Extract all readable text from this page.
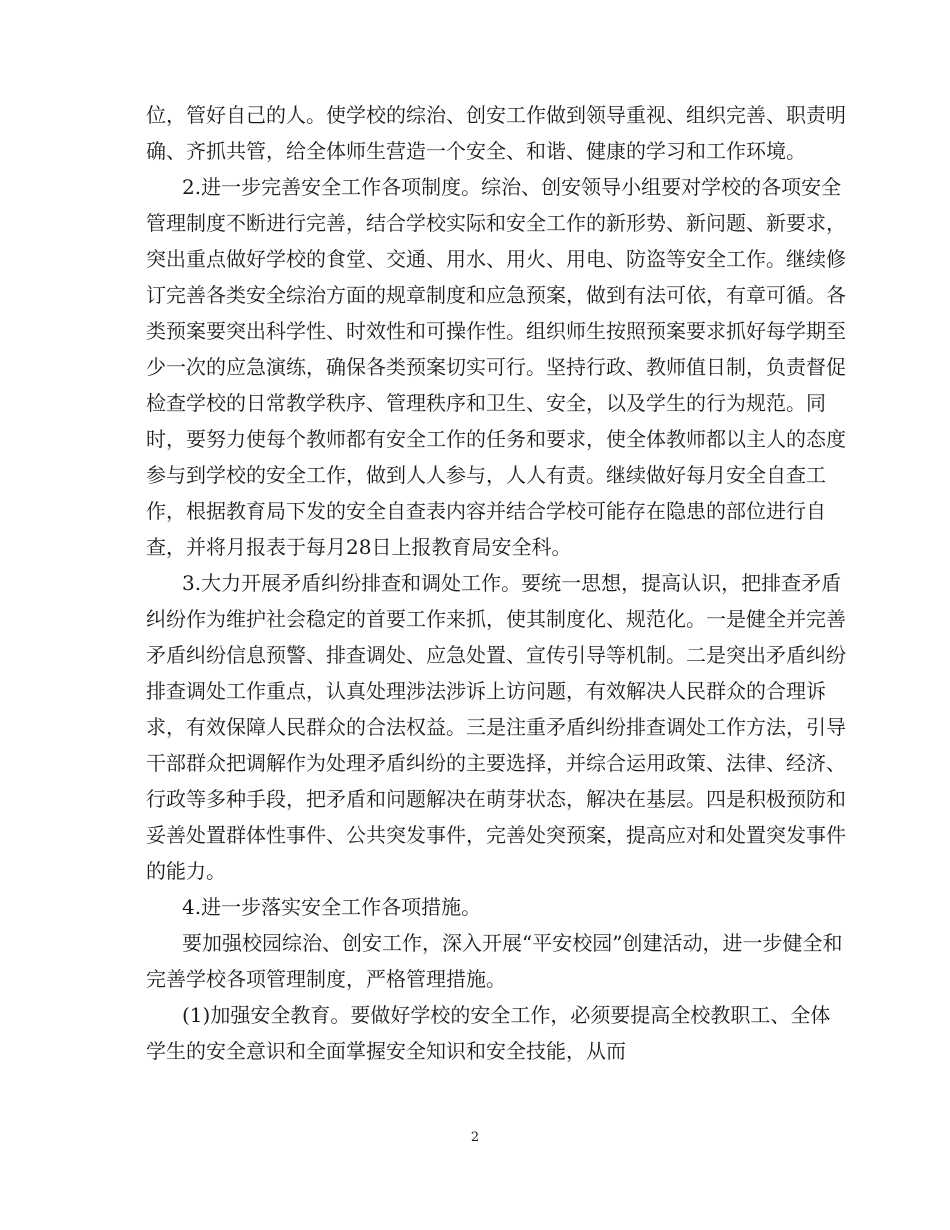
位，管好自己的人。使学校的综治、创安工作做到领导重视、组织完善、职责明
确、齐抓共管，给全体师生营造一个安全、和谐、健康的学习和工作环境。
2.进一步完善安全工作各项制度。综治、创安领导小组要对学校的各项安全
管理制度不断进行完善，结合学校实际和安全工作的新形势、新问题、新要求，
突出重点做好学校的食堂、交通、用水、用火、用电、防盗等安全工作。继续修
订完善各类安全综治方面的规章制度和应急预案，做到有法可依，有章可循。各
类预案要突出科学性、时效性和可操作性。组织师生按照预案要求抓好每学期至
少一次的应急演练，确保各类预案切实可行。坚持行政、教师值日制，负责督促
检查学校的日常教学秩序、管理秩序和卫生、安全，以及学生的行为规范。同
时，要努力使每个教师都有安全工作的任务和要求，使全体教师都以主人的态度
参与到学校的安全工作，做到人人参与，人人有责。继续做好每月安全自查工
作，根据教育局下发的安全自查表内容并结合学校可能存在隐患的部位进行自
查，并将月报表于每月28日上报教育局安全科。
3.大力开展矛盾纠纷排查和调处工作。要统一思想，提高认识，把排查矛盾
纠纷作为维护社会稳定的首要工作来抓，使其制度化、规范化。一是健全并完善
矛盾纠纷信息预警、排查调处、应急处置、宣传引导等机制。二是突出矛盾纠纷
排查调处工作重点，认真处理涉法涉诉上访问题，有效解决人民群众的合理诉
求，有效保障人民群众的合法权益。三是注重矛盾纠纷排查调处工作方法，引导
干部群众把调解作为处理矛盾纠纷的主要选择，并综合运用政策、法律、经济、
行政等多种手段，把矛盾和问题解决在萌芽状态，解决在基层。四是积极预防和
妥善处置群体性事件、公共突发事件，完善处突预案，提高应对和处置突发事件
的能力。
4.进一步落实安全工作各项措施。
要加强校园综治、创安工作，深入开展“平安校园”创建活动，进一步健全和
完善学校各项管理制度，严格管理措施。
(1)加强安全教育。要做好学校的安全工作，必须要提高全校教职工、全体
学生的安全意识和全面掌握安全知识和安全技能，从而
2
